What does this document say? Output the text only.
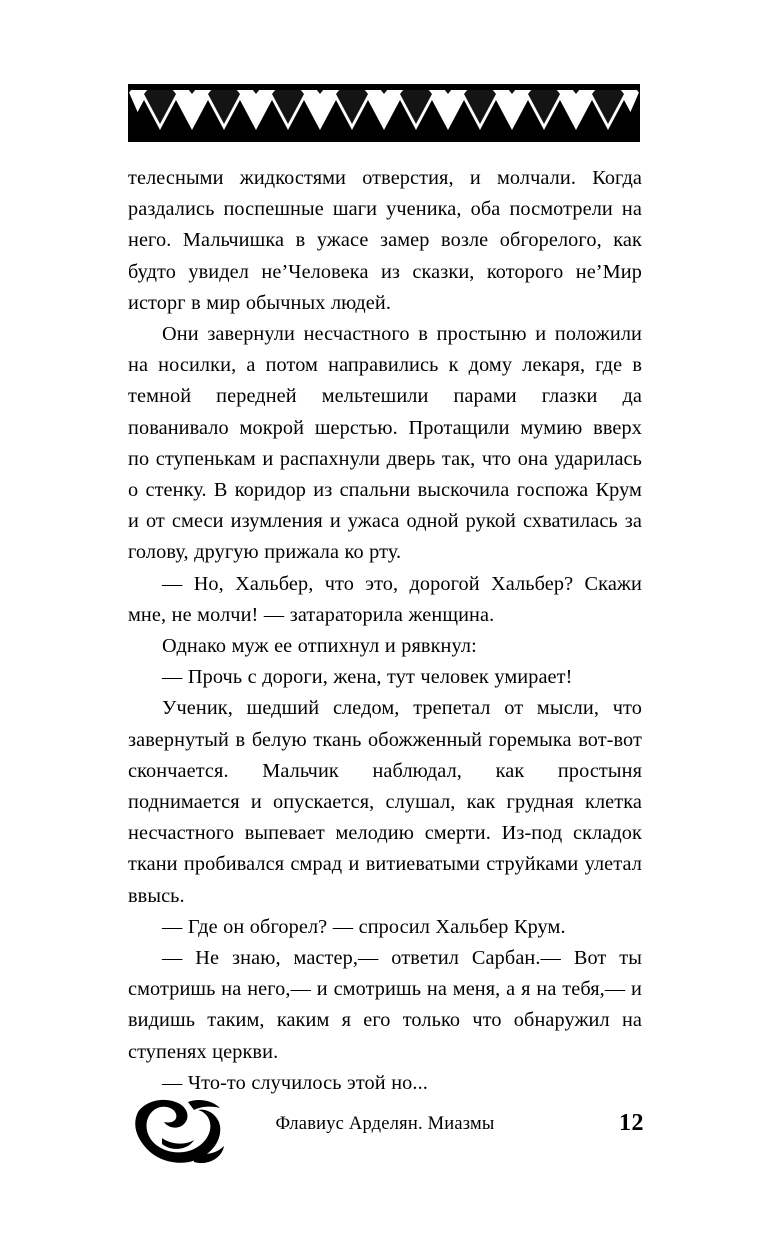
телесными жидкостями отверстия, и молчали. Когда раздались поспешные шаги ученика, оба посмотрели на него. Мальчишка в ужасе замер возле обгорелого, как будто увидел не’Человека из сказки, которого не’Мир исторг в мир обычных людей.

Они завернули несчастного в простыню и положили на носилки, а потом направились к дому лекаря, где в темной передней мельтешили парами глазки да пованивало мокрой шерстью. Протащили мумию вверх по ступенькам и распахнули дверь так, что она ударилась о стенку. В коридор из спальни выскочила госпожа Крум и от смеси изумления и ужаса одной рукой схватилась за голову, другую прижала ко рту.

— Но, Хальбер, что это, дорогой Хальбер? Скажи мне, не молчи! — затараторила женщина.

Однако муж ее отпихнул и рявкнул:

— Прочь с дороги, жена, тут человек умирает!

Ученик, шедший следом, трепетал от мысли, что завернутый в белую ткань обожженный горемыка вот-вот скончается. Мальчик наблюдал, как простыня поднимается и опускается, слушал, как грудная клетка несчастного выпевает мелодию смерти. Из-под складок ткани пробивался смрад и витиеватыми струйками улетал ввысь.

— Где он обгорел? — спросил Хальбер Крум.

— Не знаю, мастер,— ответил Сарбан.— Вот ты смотришь на него,— и смотришь на меня, а я на тебя,— и видишь таким, каким я его только что обнаружил на ступенях церкви.

— Что-то случилось этой но...

Флавиус Арделян. Миазмы	12
